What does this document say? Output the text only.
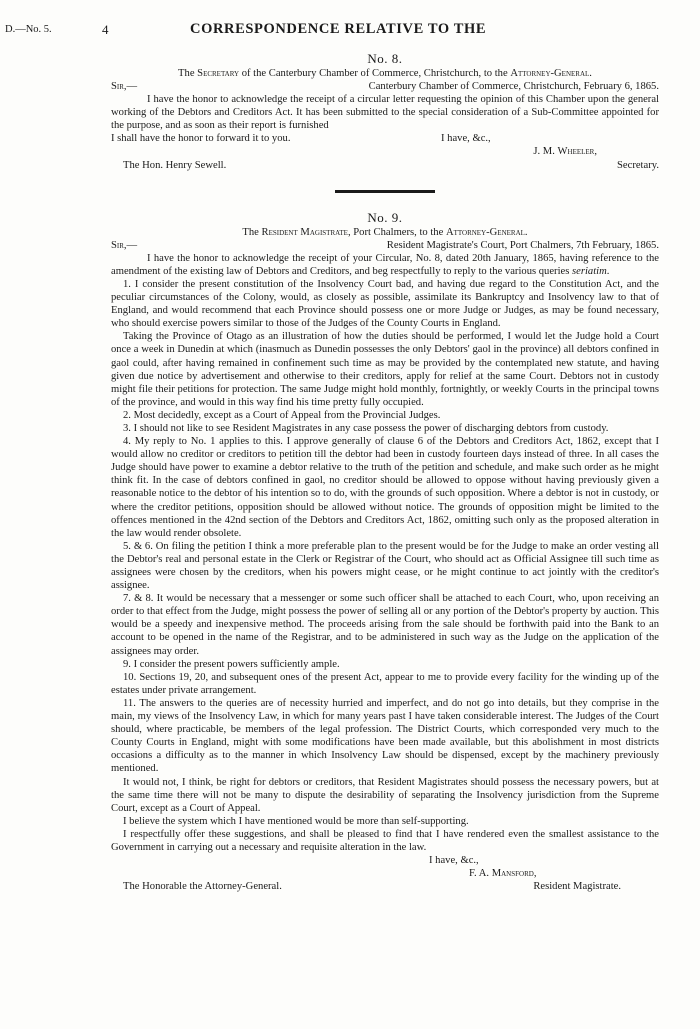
D.—No. 5.	4	CORRESPONDENCE RELATIVE TO THE
No. 8.
The Secretary of the Canterbury Chamber of Commerce, Christchurch, to the Attorney-General.
Sir,—	Canterbury Chamber of Commerce, Christchurch, February 6, 1865.

I have the honor to acknowledge the receipt of a circular letter requesting the opinion of this Chamber upon the general working of the Debtors and Creditors Act. It has been submitted to the special consideration of a Sub-Committee appointed for the purpose, and as soon as their report is furnished

I shall have the honor to forward it to you.	I have, &c.,
J. M. Wheeler,
The Hon. Henry Sewell.	Secretary.
No. 9.
The Resident Magistrate, Port Chalmers, to the Attorney-General.
Sir,—	Resident Magistrate's Court, Port Chalmers, 7th February, 1865.

I have the honor to acknowledge the receipt of your Circular, No. 8, dated 20th January, 1865, having reference to the amendment of the existing law of Debtors and Creditors, and beg respectfully to reply to the various queries seriatim.

1. I consider the present constitution of the Insolvency Court bad, and having due regard to the Constitution Act, and the peculiar circumstances of the Colony, would, as closely as possible, assimilate its Bankruptcy and Insolvency law to that of England, and would recommend that each Province should possess one or more Judge or Judges, as may be found necessary, who should exercise powers similar to those of the Judges of the County Courts in England.

Taking the Province of Otago as an illustration of how the duties should be performed, I would let the Judge hold a Court once a week in Dunedin at which (inasmuch as Dunedin possesses the only Debtors' gaol in the province) all debtors confined in gaol could, after having remained in confinement such time as may be provided by the contemplated new statute, and having given due notice by advertisement and otherwise to their creditors, apply for relief at the same Court. Debtors not in custody might file their petitions for protection. The same Judge might hold monthly, fortnightly, or weekly Courts in the principal towns of the province, and would in this way find his time pretty fully occupied.

2. Most decidedly, except as a Court of Appeal from the Provincial Judges.

3. I should not like to see Resident Magistrates in any case possess the power of discharging debtors from custody.

4. My reply to No. 1 applies to this. I approve generally of clause 6 of the Debtors and Creditors Act, 1862, except that I would allow no creditor or creditors to petition till the debtor had been in custody fourteen days instead of three. In all cases the Judge should have power to examine a debtor relative to the truth of the petition and schedule, and make such order as he might think fit. In the case of debtors confined in gaol, no creditor should be allowed to oppose without having previously given a reasonable notice to the debtor of his intention so to do, with the grounds of such opposition. Where a debtor is not in custody, or where the creditor petitions, opposition should be allowed without notice. The grounds of opposition might be limited to the offences mentioned in the 42nd section of the Debtors and Creditors Act, 1862, omitting such only as the proposed alteration in the law would render obsolete.

5. & 6. On filing the petition I think a more preferable plan to the present would be for the Judge to make an order vesting all the Debtor's real and personal estate in the Clerk or Registrar of the Court, who should act as Official Assignee till such time as assignees were chosen by the creditors, when his powers might cease, or he might continue to act jointly with the creditor's assignee.

7. & 8. It would be necessary that a messenger or some such officer shall be attached to each Court, who, upon receiving an order to that effect from the Judge, might possess the power of selling all or any portion of the Debtor's property by auction. This would be a speedy and inexpensive method. The proceeds arising from the sale should be forthwith paid into the Bank to an account to be opened in the name of the Registrar, and to be administered in such way as the Judge on the application of the assignees may order.

9. I consider the present powers sufficiently ample.

10. Sections 19, 20, and subsequent ones of the present Act, appear to me to provide every facility for the winding up of the estates under private arrangement.

11. The answers to the queries are of necessity hurried and imperfect, and do not go into details, but they comprise in the main, my views of the Insolvency Law, in which for many years past I have taken considerable interest. The Judges of the Court should, where practicable, be members of the legal profession. The District Courts, which corresponded very much to the County Courts in England, might with some modifications have been made available, but this abolishment in most districts occasions a difficulty as to the manner in which Insolvency Law should be dispensed, except by the machinery previously mentioned.

It would not, I think, be right for debtors or creditors, that Resident Magistrates should possess the necessary powers, but at the same time there will not be many to dispute the desirability of separating the Insolvency jurisdiction from the Supreme Court, except as a Court of Appeal.

I believe the system which I have mentioned would be more than self-supporting.

I respectfully offer these suggestions, and shall be pleased to find that I have rendered even the smallest assistance to the Government in carrying out a necessary and requisite alteration in the law.

I have, &c.,
F. A. Mansford,
The Honorable the Attorney-General.	Resident Magistrate.
